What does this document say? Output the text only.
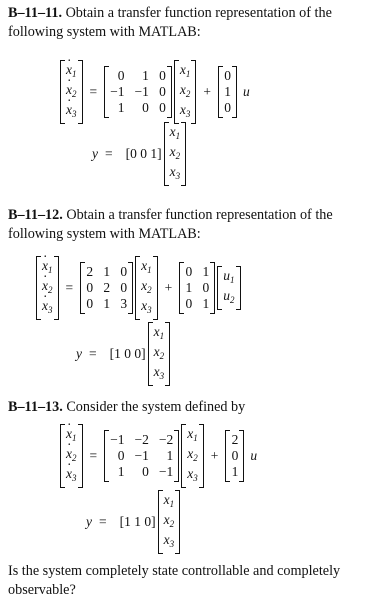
B–11–11. Obtain a transfer function representation of the
following system with MATLAB:
$x \cdot_1$
$x \cdot_2$
$x \cdot_3$
=
0	1 0
−1 −1 0
1	0 0
$x_1$
$x_2$
$x_3$
+
0
1
0
u
y = [0 0 1]
$x_1$
$x_2$
$x_3$
B–11–12. Obtain a transfer function representation of the
following system with MATLAB:
$x \cdot_1$
$x \cdot_2$
$x \cdot_3$
=
2 1 0
0 2 0
0 1 3
$x_1$
$x_2$
$x_3$
+
0 1
1 0
0 1
$u_1$
$u_2$
y = [1 0 0]
$x_1$
$x_2$
$x_3$
B–11–13. Consider the system defined by
$x \cdot_1$
$x \cdot_2$
$x \cdot_3$
=
−1 −2 −2
0 −1	1
1	0 −1
$x_1$
$x_2$
$x_3$
+
2
0
1
u
y = [1 1 0]
$x_1$
$x_2$
$x_3$
Is the system completely state controllable and completely
observable?
